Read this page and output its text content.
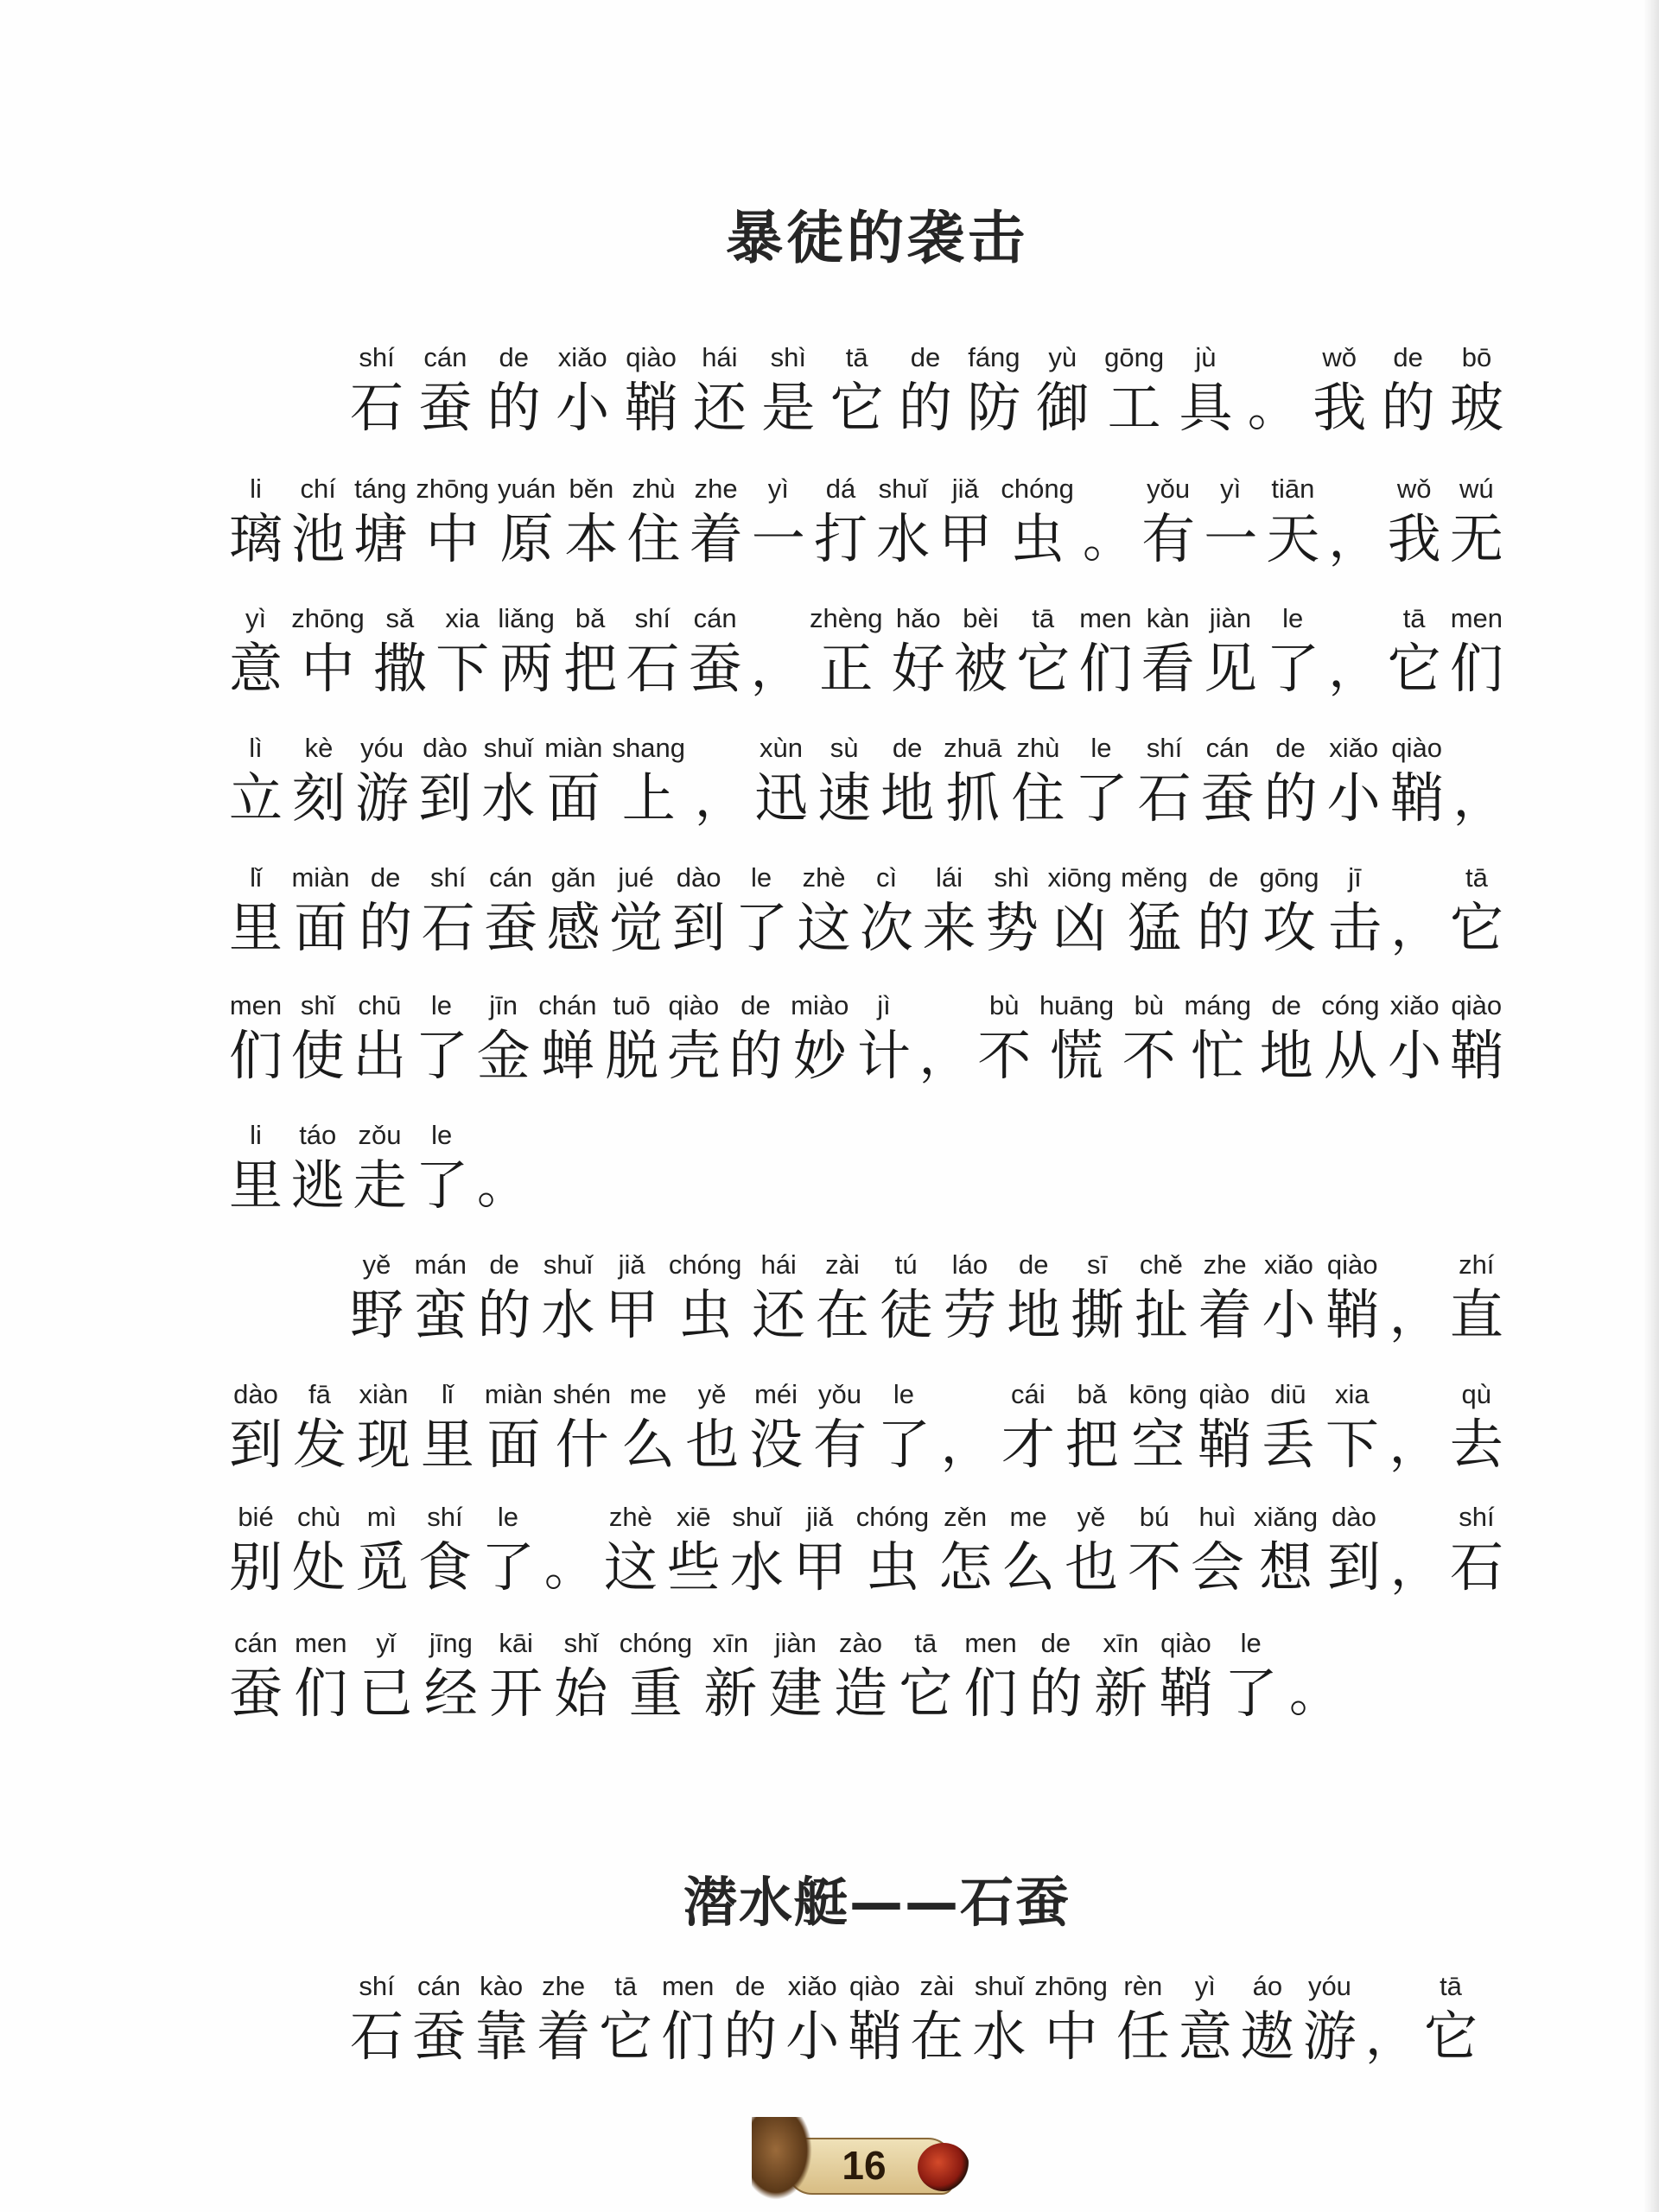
暴徒的袭击
shí
石
cán
蚕
de
的
xiǎo
小
qiào
鞘
hái
还
shì
是
tā
它
de
的
fáng
防
yù
御
gōng
工
jù
具 。
wǒ
我
de
的
bō
玻
li
璃
chí
池
táng
塘
zhōng
中
yuán
原
běn
本
zhù
住
zhe
着
yì
一
dá
打
shuǐ
水
jiǎ
甲
chóng
虫 。
yǒu
有
yì
一
tiān
天 ，
wǒ
我
wú
无
yì
意
zhōng
中
sǎ
撒
xia
下
liǎng
两
bǎ
把
shí
石
cán
蚕 ，
zhèng
正
hǎo
好
bèi
被
tā
它
men
们
kàn
看
jiàn
见
le
了 ，
tā
它
men
们
lì
立
kè
刻
yóu
游
dào
到
shuǐ
水
miàn
面
shang
上 ，
xùn
迅
sù
速
de
地
zhuā
抓
zhù
住
le
了
shí
石
cán
蚕
de
的
xiǎo
小
qiào
鞘 ，
lǐ
里
miàn
面
de
的
shí
石
cán
蚕
gǎn
感
jué
觉
dào
到
le
了
zhè
这
cì
次
lái
来
shì
势
xiōng
凶
měng
猛
de
的
gōng
攻
jī
击 ，
tā
它
men
们
shǐ
使
chū
出
le
了
jīn
金
chán
蝉
tuō
脱
qiào
壳
de
的
miào
妙
jì
计 ，
bù
不
huāng
慌
bù
不
máng
忙
de
地
cóng
从
xiǎo
小
qiào
鞘
li
里
táo
逃
zǒu
走
le
了 。
yě
野
mán
蛮
de
的
shuǐ
水
jiǎ
甲
chóng
虫
hái
还
zài
在
tú
徒
láo
劳
de
地
sī
撕
chě
扯
zhe
着
xiǎo
小
qiào
鞘 ，
zhí
直
dào
到
fā
发
xiàn
现
lǐ
里
miàn
面
shén
什
me
么
yě
也
méi
没
yǒu
有
le
了 ，
cái
才
bǎ
把
kōng
空
qiào
鞘
diū
丢
xia
下 ，
qù
去
bié
别
chù
处
mì
觅
shí
食
le
了 。
zhè
这
xiē
些
shuǐ
水
jiǎ
甲
chóng
虫
zěn
怎
me
么
yě
也
bú
不
huì
会
xiǎng
想
dào
到 ，
shí
石
cán
蚕
men
们
yǐ
已
jīng
经
kāi
开
shǐ
始
chóng
重
xīn
新
jiàn
建
zào
造
tā
它
men
们
de
的
xīn
新
qiào
鞘
le
了 。
潜水艇——石蚕
shí
石
cán
蚕
kào
靠
zhe
着
tā
它
men
们
de
的
xiǎo
小
qiào
鞘
zài
在
shuǐ
水
zhōng
中
rèn
任
yì
意
áo
遨
yóu
游 ，
tā
它
16
